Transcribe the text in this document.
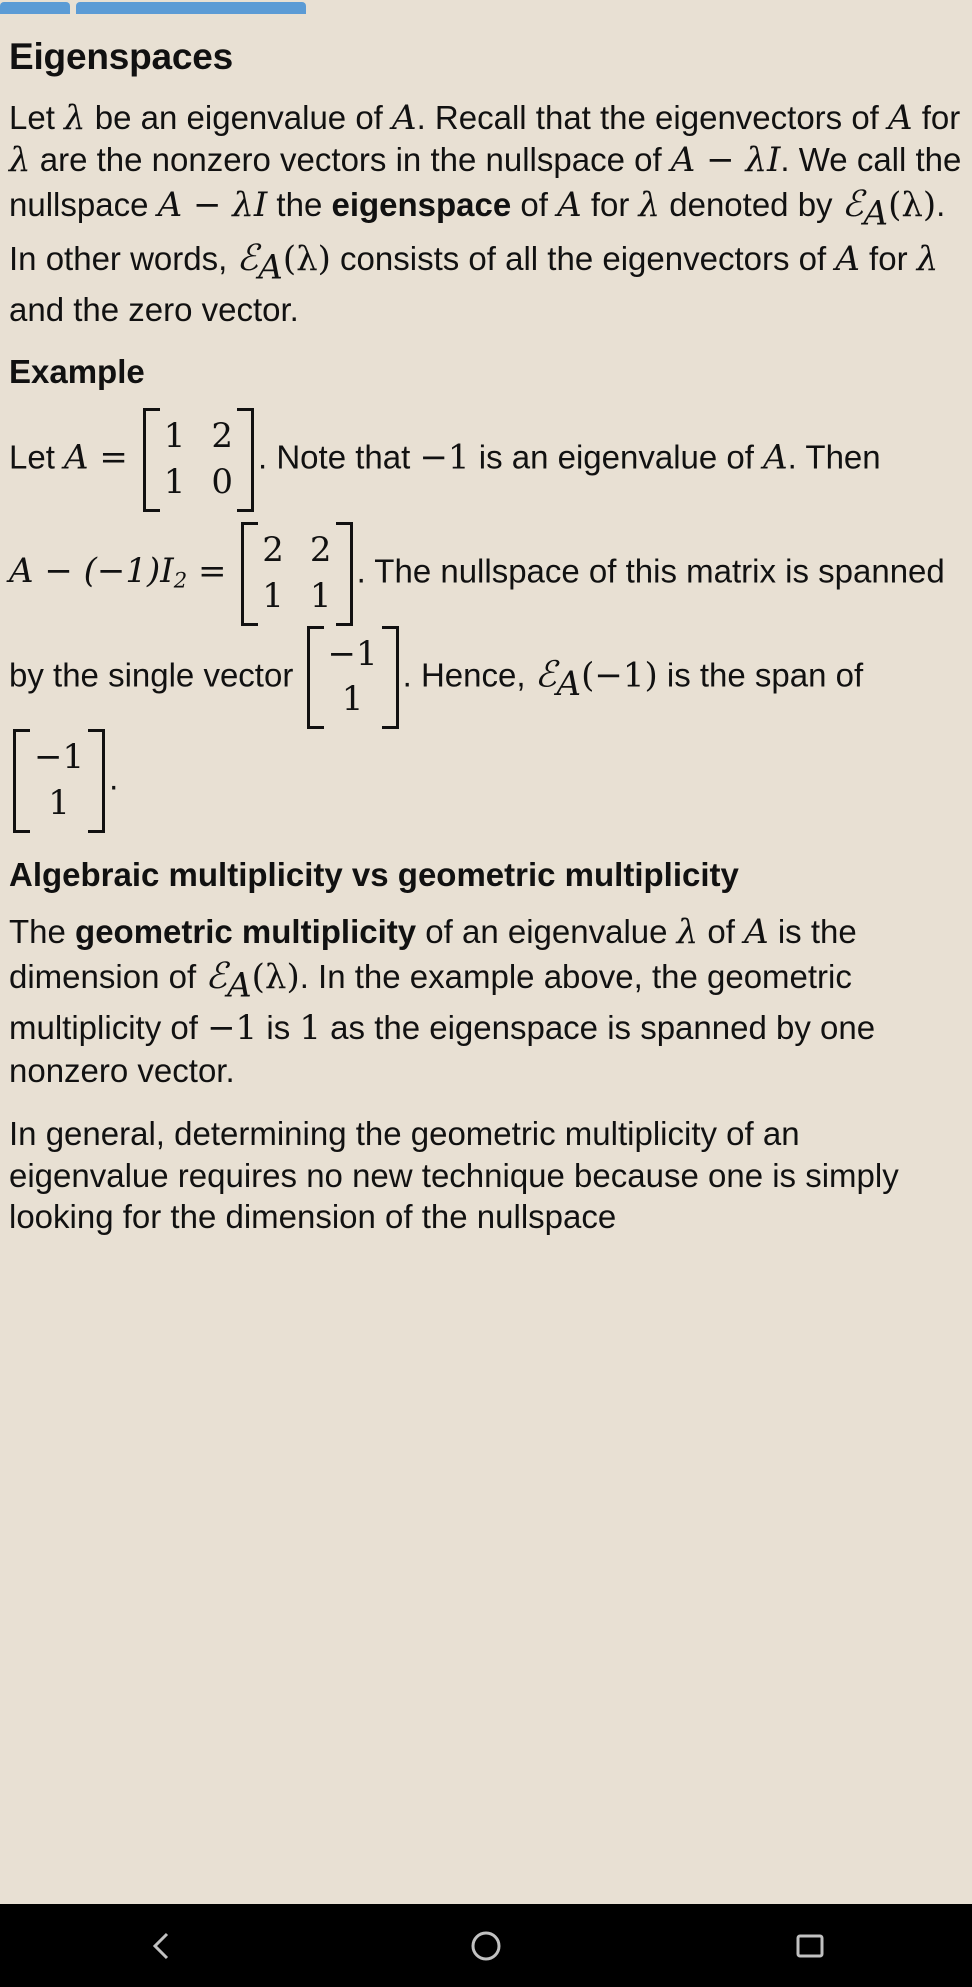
Eigenspaces

Let λ be an eigenvalue of A. Recall that the eigenvectors of A for λ are the nonzero vectors in the nullspace of A − λI. We call the nullspace A − λI the eigenspace of A for λ denoted by ℰ$_A$(λ). In other words, ℰ$_A$(λ) consists of all the eigenvectors of A for λ and the zero vector.

Example
Let A =
1 2
1 0
. Note that −1 is an eigenvalue of A. Then
$A - (-1)I_2$ =
2 2
1 1
. The nullspace of this matrix is spanned by the single vector
−1
1
. Hence, ℰ$_A$(−1) is the span of
−1
1
.
Algebraic multiplicity vs geometric multiplicity

The geometric multiplicity of an eigenvalue λ of A is the dimension of ℰ$_A$(λ). In the example above, the geometric multiplicity of −1 is 1 as the eigenspace is spanned by one nonzero vector.

In general, determining the geometric multiplicity of an eigenvalue requires no new technique because one is simply looking for the dimension of the nullspace
